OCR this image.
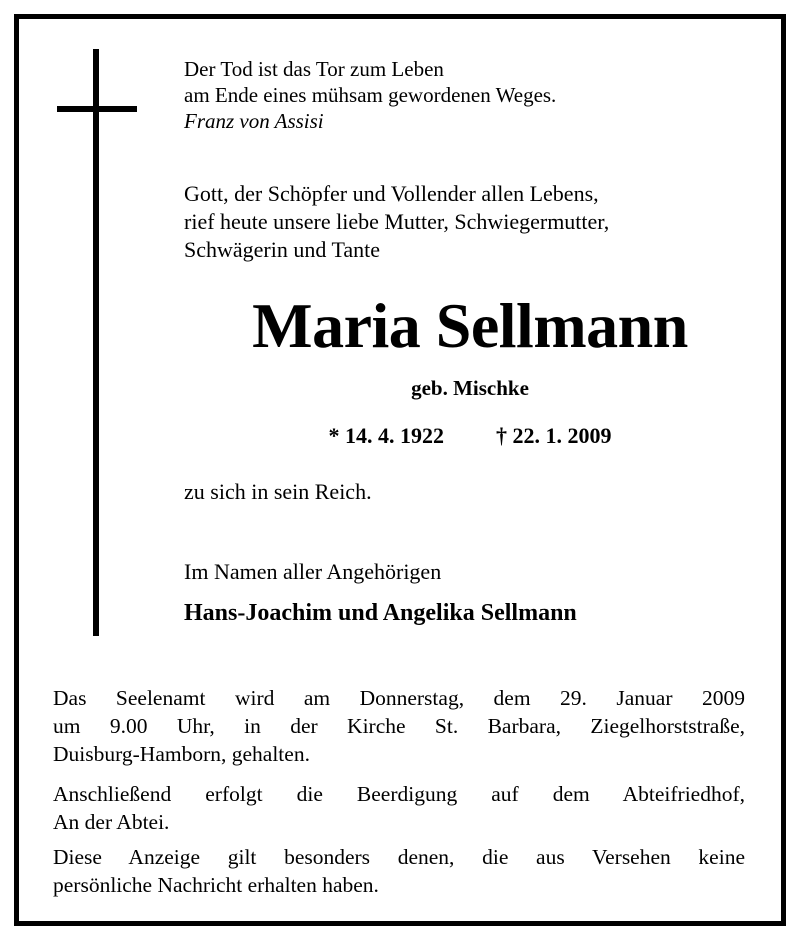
Der Tod ist das Tor zum Leben
am Ende eines mühsam gewordenen Weges.
Franz von Assisi
Gott, der Schöpfer und Vollender allen Lebens,
rief heute unsere liebe Mutter, Schwiegermutter,
Schwägerin und Tante
Maria Sellmann
geb. Mischke
* 14. 4. 1922 † 22. 1. 2009
zu sich in sein Reich.
Im Namen aller Angehörigen
Hans-Joachim und Angelika Sellmann
Das Seelenamt wird am Donnerstag, dem 29. Januar 2009
um 9.00 Uhr, in der Kirche St. Barbara, Ziegelhorststraße,
Duisburg-Hamborn, gehalten.
Anschließend erfolgt die Beerdigung auf dem Abteifriedhof,
An der Abtei.
Diese Anzeige gilt besonders denen, die aus Versehen keine
persönliche Nachricht erhalten haben.
